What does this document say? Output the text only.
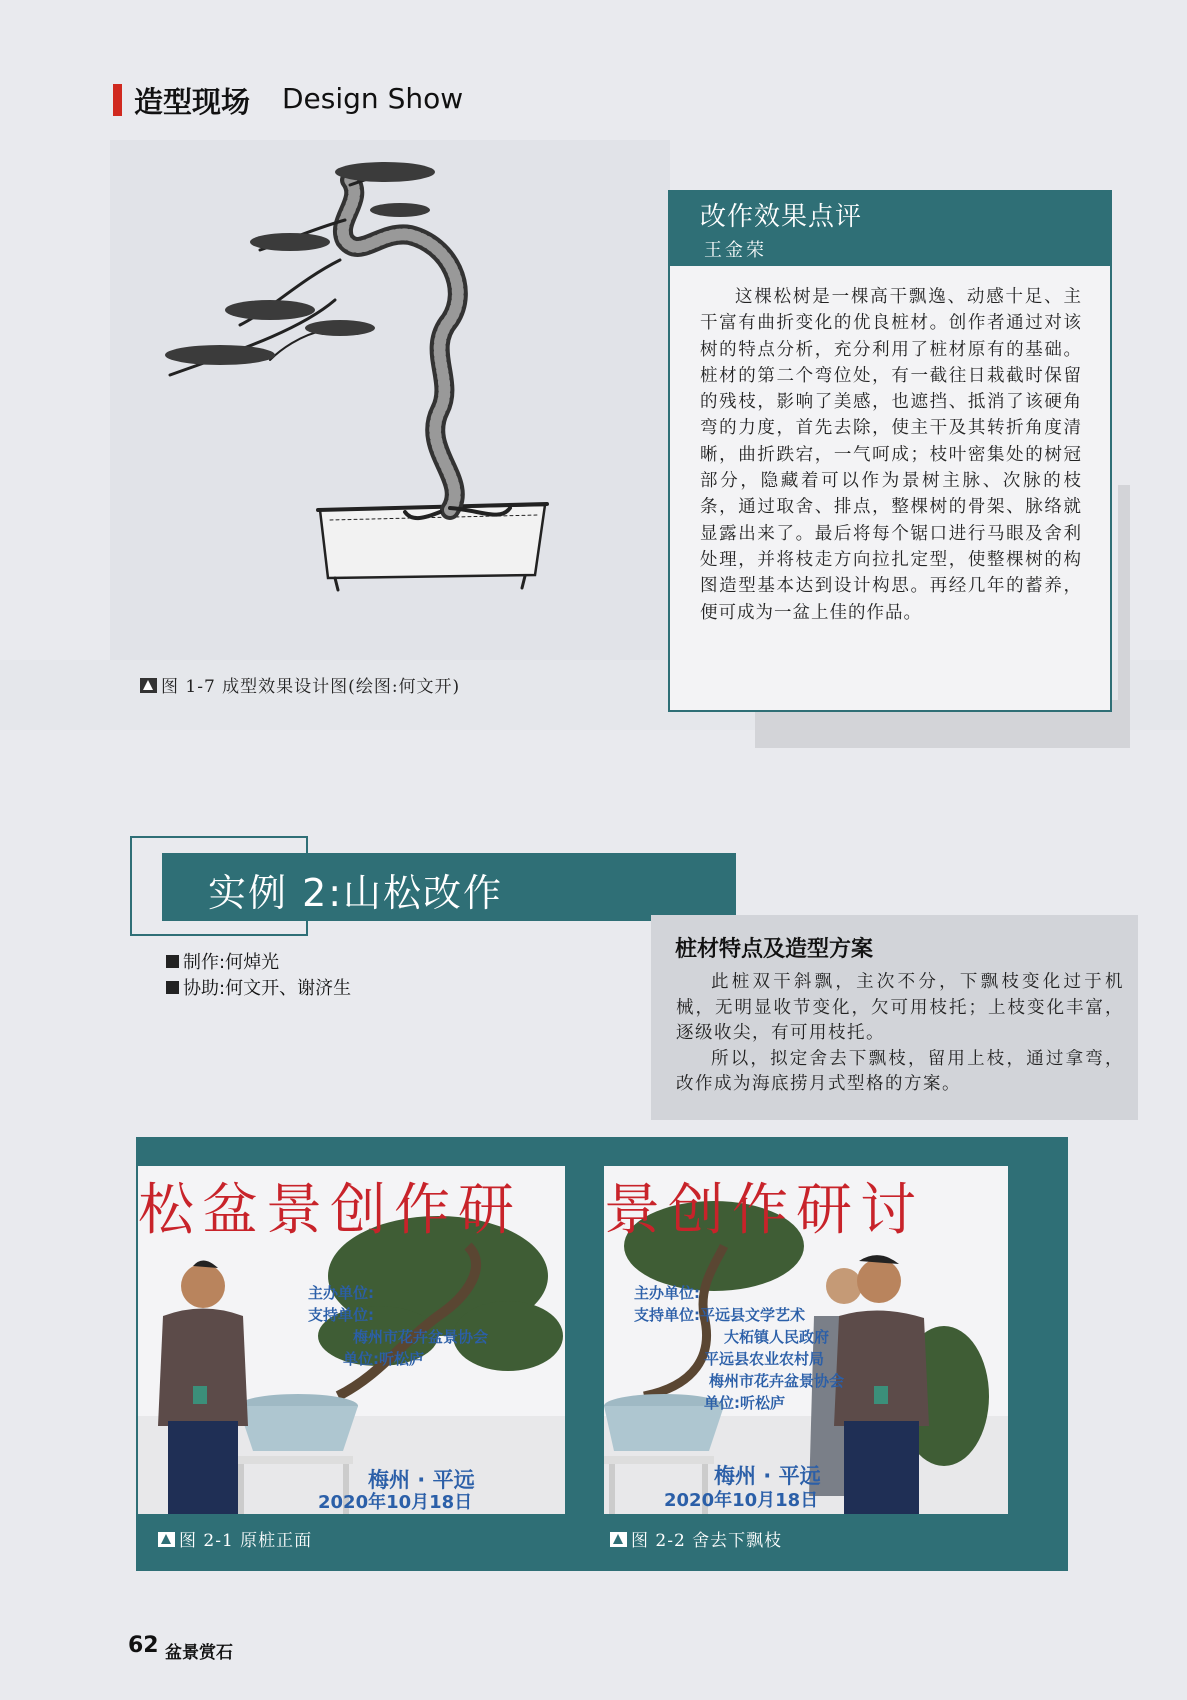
造型现场 Design Show
图 1-7 成型效果设计图(绘图:何文开)
改作效果点评
王金荣

这棵松树是一棵高干飘逸、动感十足、主干富有曲折变化的优良桩材。创作者通过对该树的特点分析，充分利用了桩材原有的基础。桩材的第二个弯位处，有一截往日栽截时保留的残枝，影响了美感，也遮挡、抵消了该硬角弯的力度，首先去除，使主干及其转折角度清晰，曲折跌宕，一气呵成；枝叶密集处的树冠部分，隐藏着可以作为景树主脉、次脉的枝条，通过取舍、排点，整棵树的骨架、脉络就显露出来了。最后将每个锯口进行马眼及舍利处理，并将枝走方向拉扎定型，使整棵树的构图造型基本达到设计构思。再经几年的蓄养，便可成为一盆上佳的作品。

实例 2:山松改作
制作:何焯光
协助:何文开、谢济生
桩材特点及造型方案

此桩双干斜飘，主次不分，下飘枝变化过于机械，无明显收节变化，欠可用枝托；上枝变化丰富，逐级收尖，有可用枝托。

所以，拟定舍去下飘枝，留用上枝，通过拿弯，改作成为海底捞月式型格的方案。

松盆景创作研
主办单位:
支持单位:
梅州市花卉盆景协会
单位:听松庐
梅州 · 平远
2020年10月18日
景创作研讨
主办单位:
支持单位:平远县文学艺术
大柘镇人民政府
平远县农业农村局
梅州市花卉盆景协会
单位:听松庐
梅州 · 平远
2020年10月18日
图 2-1 原桩正面	图 2-2 舍去下飘枝
62 盆景赏石
